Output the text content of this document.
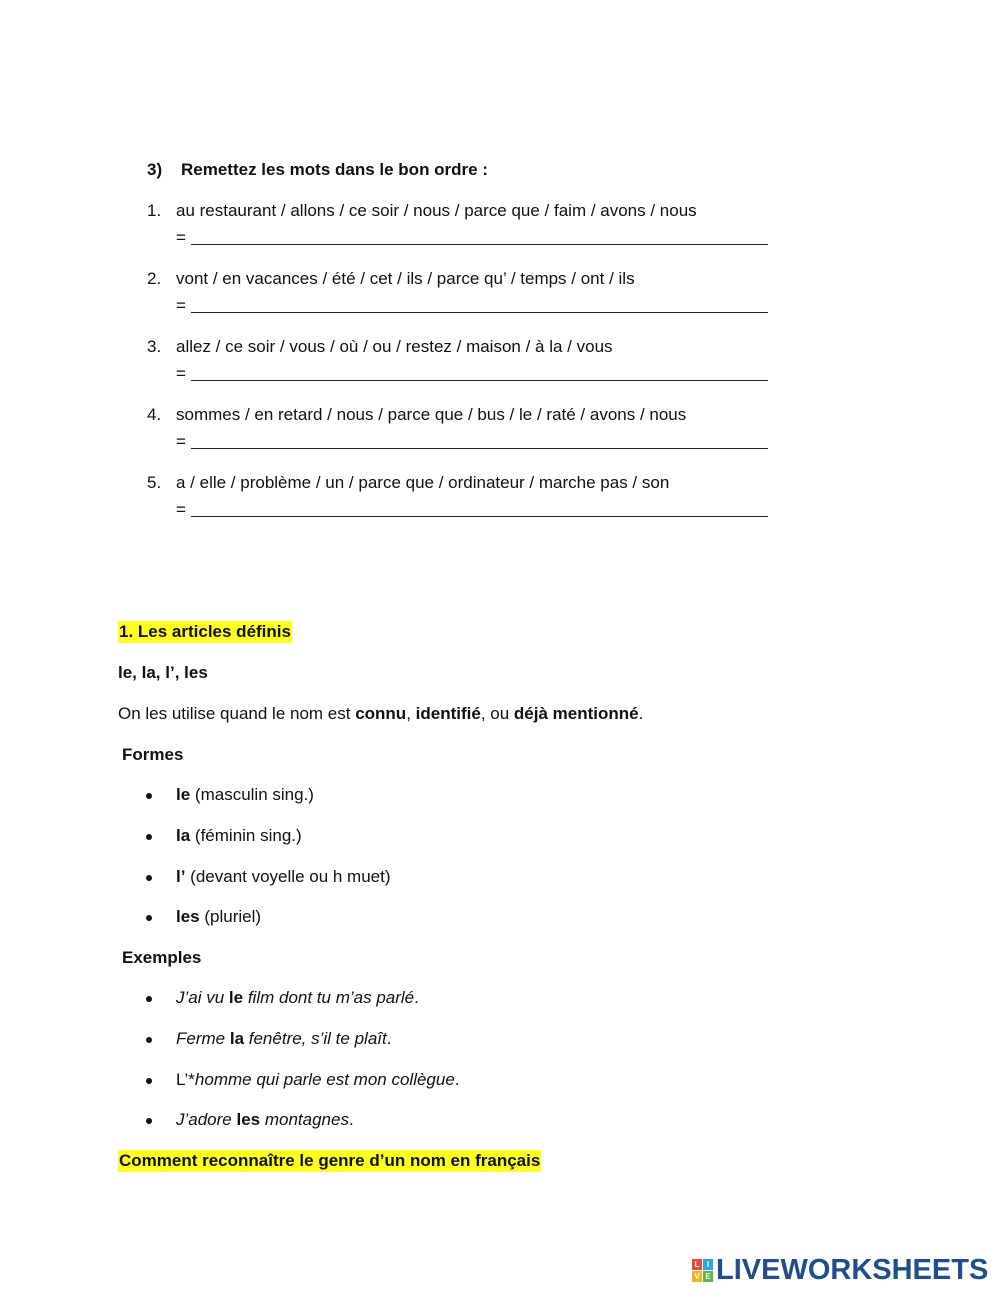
3) Remettez les mots dans le bon ordre :
1. au restaurant / allons / ce soir / nous / parce que / faim / avons / nous
=
2. vont / en vacances / été / cet / ils / parce qu’ / temps / ont / ils
=
3. allez / ce soir / vous / où / ou / restez / maison / à la / vous
=
4. sommes / en retard / nous / parce que / bus / le / raté / avons / nous
=
5. a / elle / problème / un / parce que / ordinateur / marche pas / son
=
1. Les articles définis
le, la, l’, les
On les utilise quand le nom est connu, identifié, ou déjà mentionné.
Formes
le (masculin sing.)
la (féminin sing.)
l’ (devant voyelle ou h muet)
les (pluriel)
Exemples
J’ai vu le film dont tu m’as parlé.
Ferme la fenêtre, s’il te plaît.
L’*homme qui parle est mon collègue.
J’adore les montagnes.
Comment reconnaître le genre d’un nom en français
L I
V E LIVEWORKSHEETS
